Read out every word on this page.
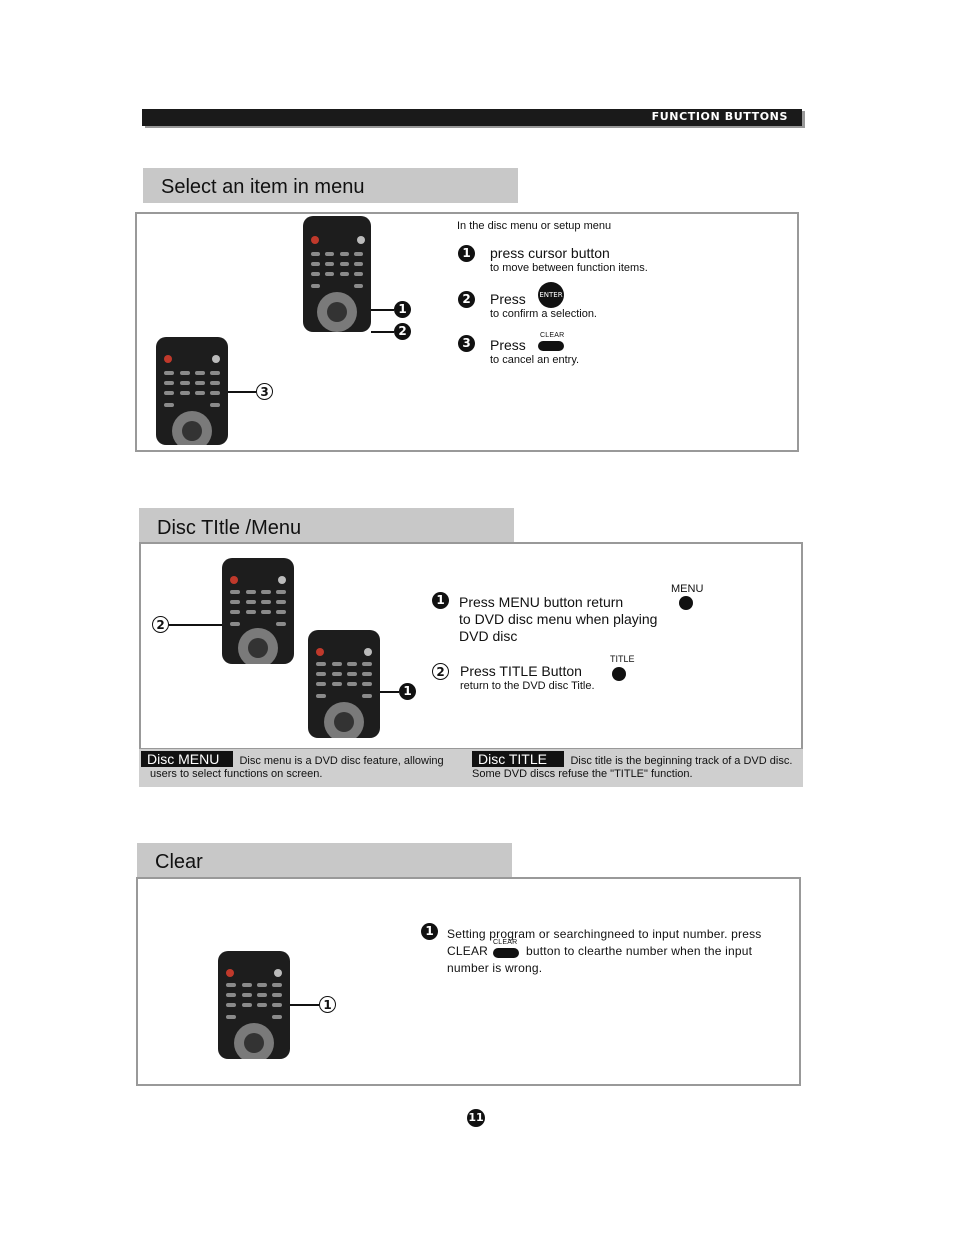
FUNCTION BUTTONS
Select an item in menu
1
2
3
In the disc menu or setup menu
1	press cursor button
to move between function items.
2	Press ENTER
to confirm a selection.
3	Press
CLEAR
to cancel an entry.
Disc TItle /Menu
2
1
1	Press MENU button return
to DVD disc menu when playing
DVD disc
MENU
2	Press TITLE Button
return to the DVD disc Title.
TITLE
Disc MENU Disc menu is a DVD disc feature, allowing
users to select functions on screen.
Disc TITLE Disc title is the beginning track of a DVD disc.
Some DVD discs refuse the "TITLE" function.
Clear
1
1	Setting program or searchingneed to input number. press
CLEAR
CLEAR
button to clearthe number when the input
number is wrong.
11
